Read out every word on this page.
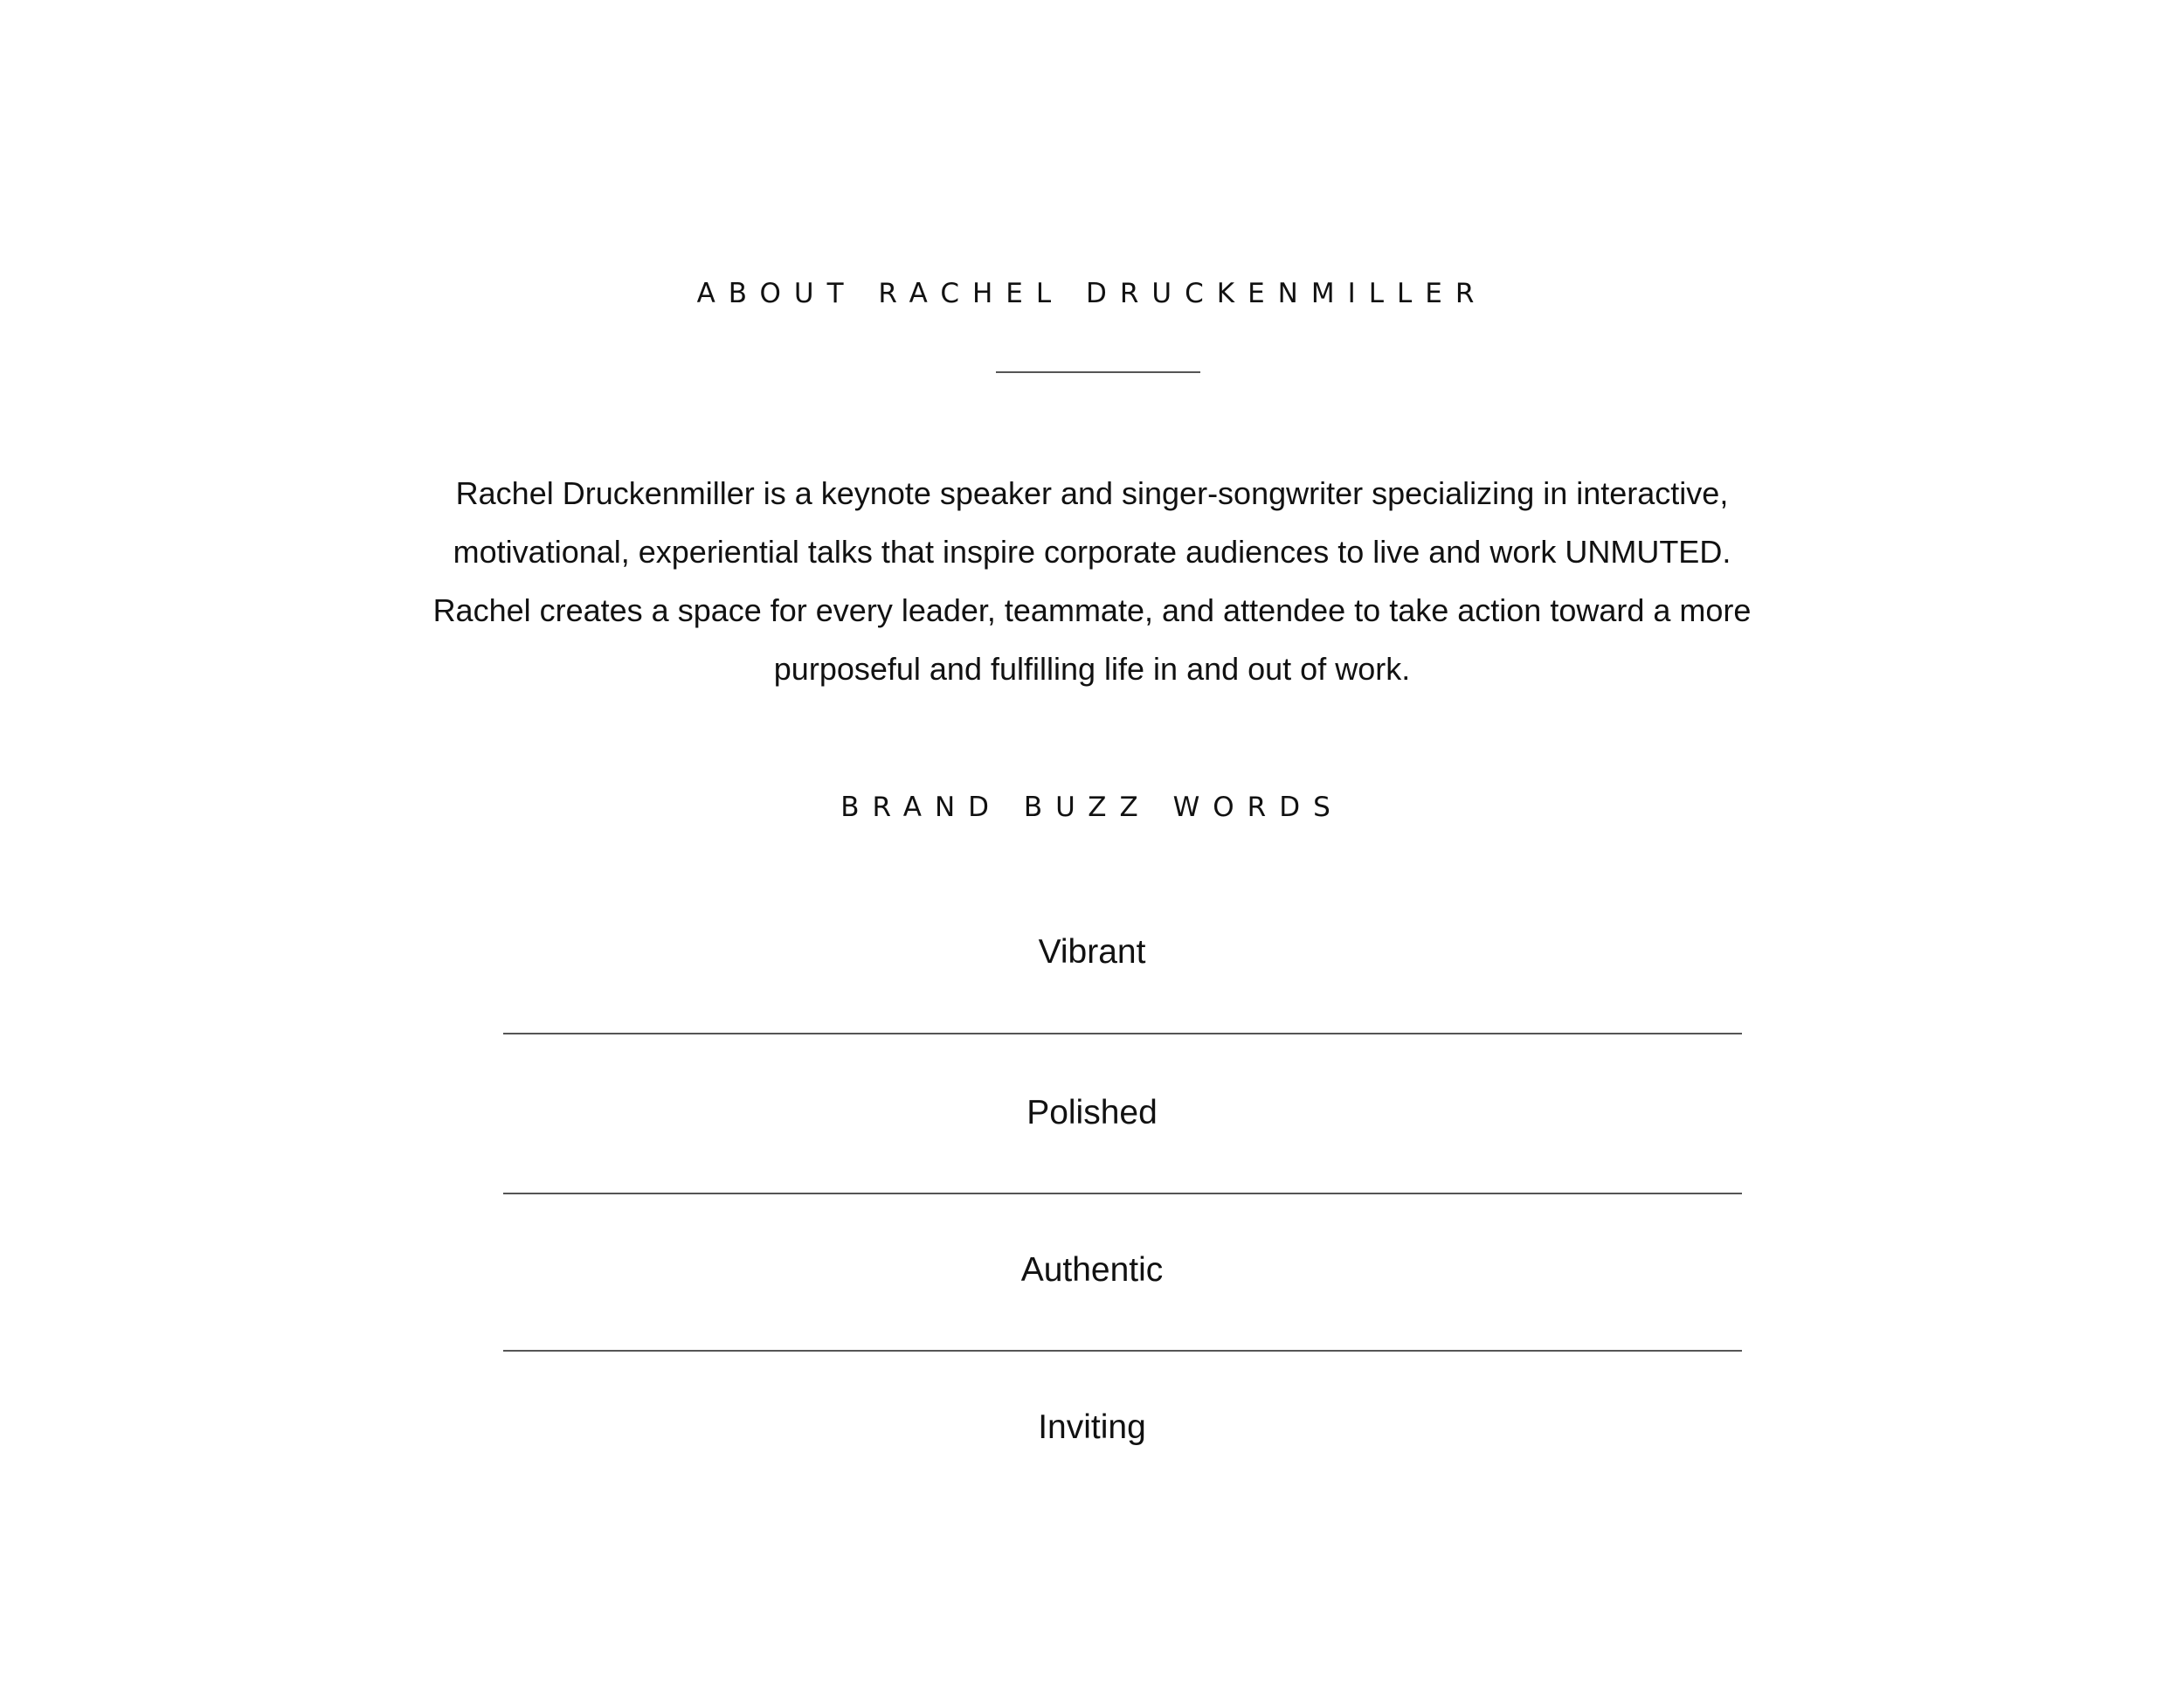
ABOUT RACHEL DRUCKENMILLER
Rachel Druckenmiller is a keynote speaker and singer-songwriter specializing in interactive,
motivational, experiential talks that inspire corporate audiences to live and work UNMUTED.
Rachel creates a space for every leader, teammate, and attendee to take action toward a more
purposeful and fulfilling life in and out of work.
BRAND BUZZ WORDS
Vibrant
Polished
Authentic
Inviting
